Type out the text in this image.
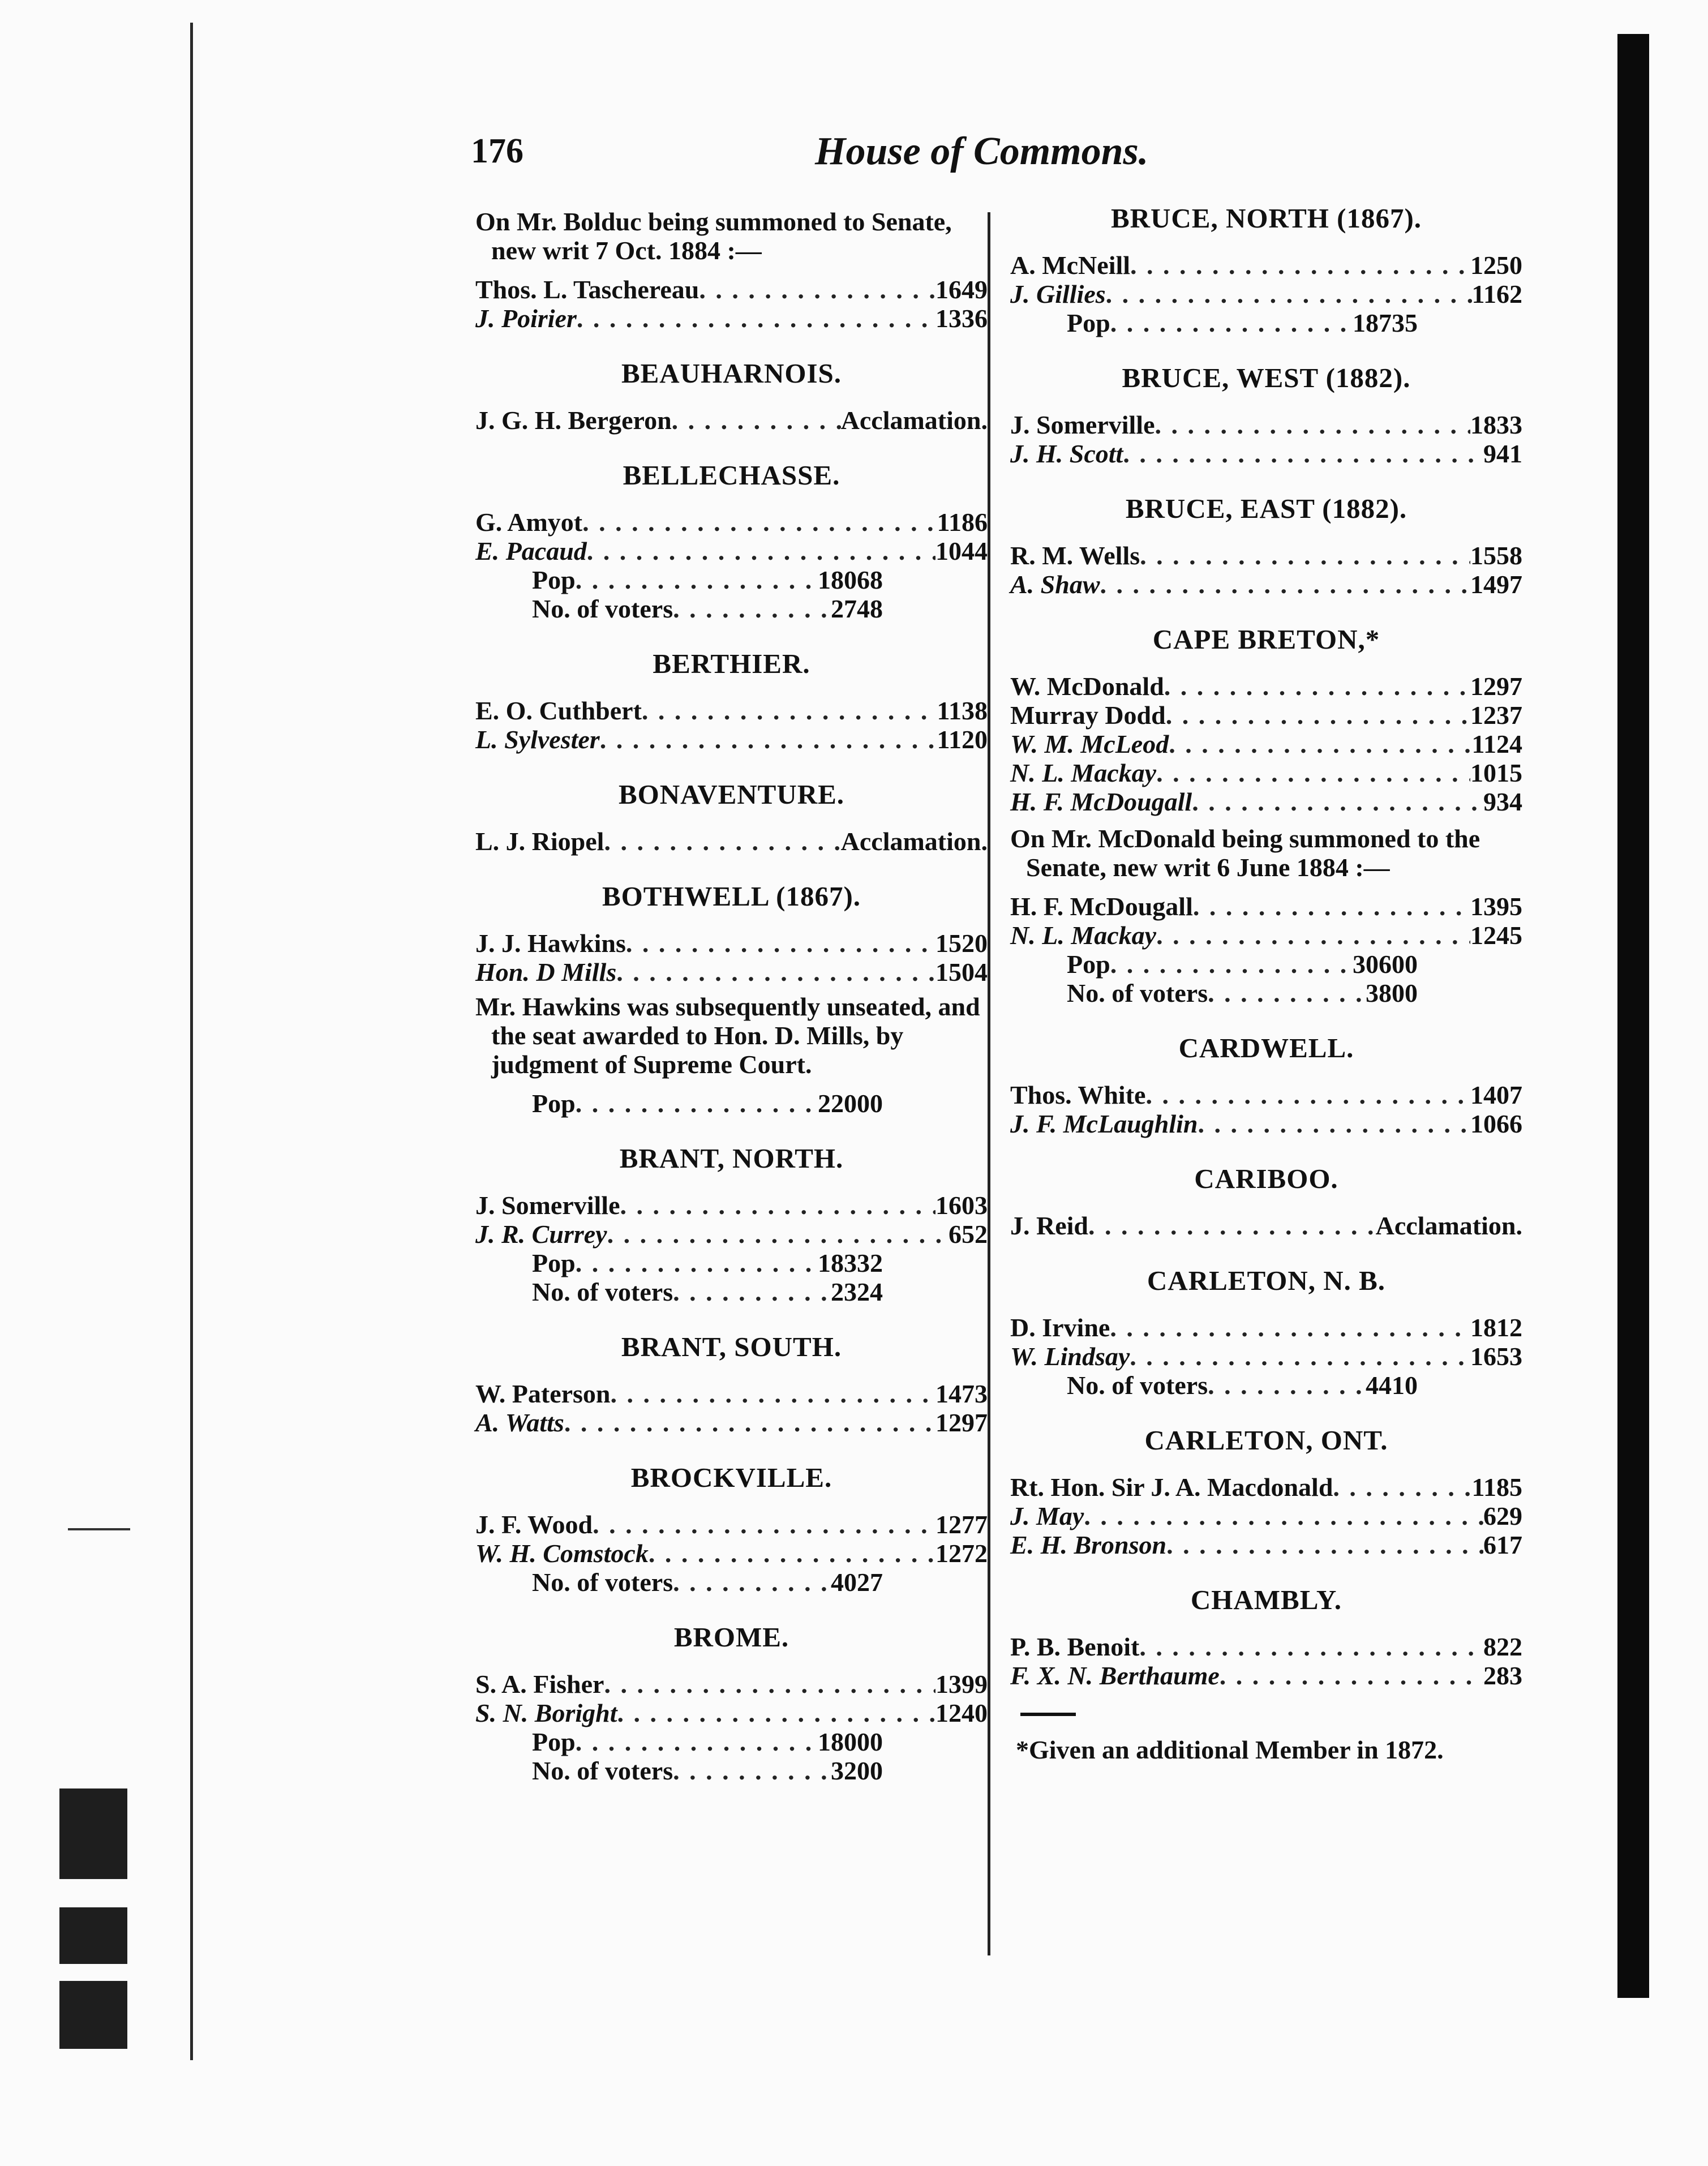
176	House of Commons.
On Mr. Bolduc being summoned to Senate, new writ 7 Oct. 1884 :—
Thos. L. Taschereau . . .	1649
J. Poirier . . .	1336
BEAUHARNOIS.
J. G. H. Bergeron . . .	Acclamation.
BELLECHASSE.
G. Amyot . . .	1186
E. Pacaud . . .	1044
Pop . . .	18068
No. of voters . . .	2748
BERTHIER.
E. O. Cuthbert . . .	1138
L. Sylvester . . .	1120
BONAVENTURE.
L. J. Riopel . . .	Acclamation.
BOTHWELL (1867).
J. J. Hawkins . . .	1520
Hon. D Mills . . .	1504
Mr. Hawkins was subsequently unseated, and the seat awarded to Hon. D. Mills, by judgment of Supreme Court.
Pop . . .	22000
BRANT, NORTH.
J. Somerville . . .	1603
J. R. Currey . . .	652
Pop . . .	18332
No. of voters . . .	2324
BRANT, SOUTH.
W. Paterson . . .	1473
A. Watts . . .	1297
BROCKVILLE.
J. F. Wood . . .	1277
W. H. Comstock . . .	1272
No. of voters . . .	4027
BROME.
S. A. Fisher . . .	1399
S. N. Boright . . .	1240
Pop . . .	18000
No. of voters . . .	3200
BRUCE, NORTH (1867).
A. McNeill . . .	1250
J. Gillies . . .	1162
Pop . . .	18735
BRUCE, WEST (1882).
J. Somerville . . .	1833
J. H. Scott . . .	941
BRUCE, EAST (1882).
R. M. Wells . . .	1558
A. Shaw . . .	1497
CAPE BRETON,*
W. McDonald . . .	1297
Murray Dodd . . .	1237
W. M. McLeod . . .	1124
N. L. Mackay . . .	1015
H. F. McDougall . . .	934
On Mr. McDonald being summoned to the Senate, new writ 6 June 1884 :—
H. F. McDougall . . .	1395
N. L. Mackay . . .	1245
Pop . . .	30600
No. of voters . . .	3800
CARDWELL.
Thos. White . . .	1407
J. F. McLaughlin . . .	1066
CARIBOO.
J. Reid . . .	Acclamation.
CARLETON, N. B.
D. Irvine . . .	1812
W. Lindsay . . .	1653
No. of voters . . .	4410
CARLETON, ONT.
Rt. Hon. Sir J. A. Macdonald . . .	1185
J. May . . .	629
E. H. Bronson . . .	617
CHAMBLY.
P. B. Benoit . . .	822
F. X. N. Berthaume . . .	283
*Given an additional Member in 1872.
